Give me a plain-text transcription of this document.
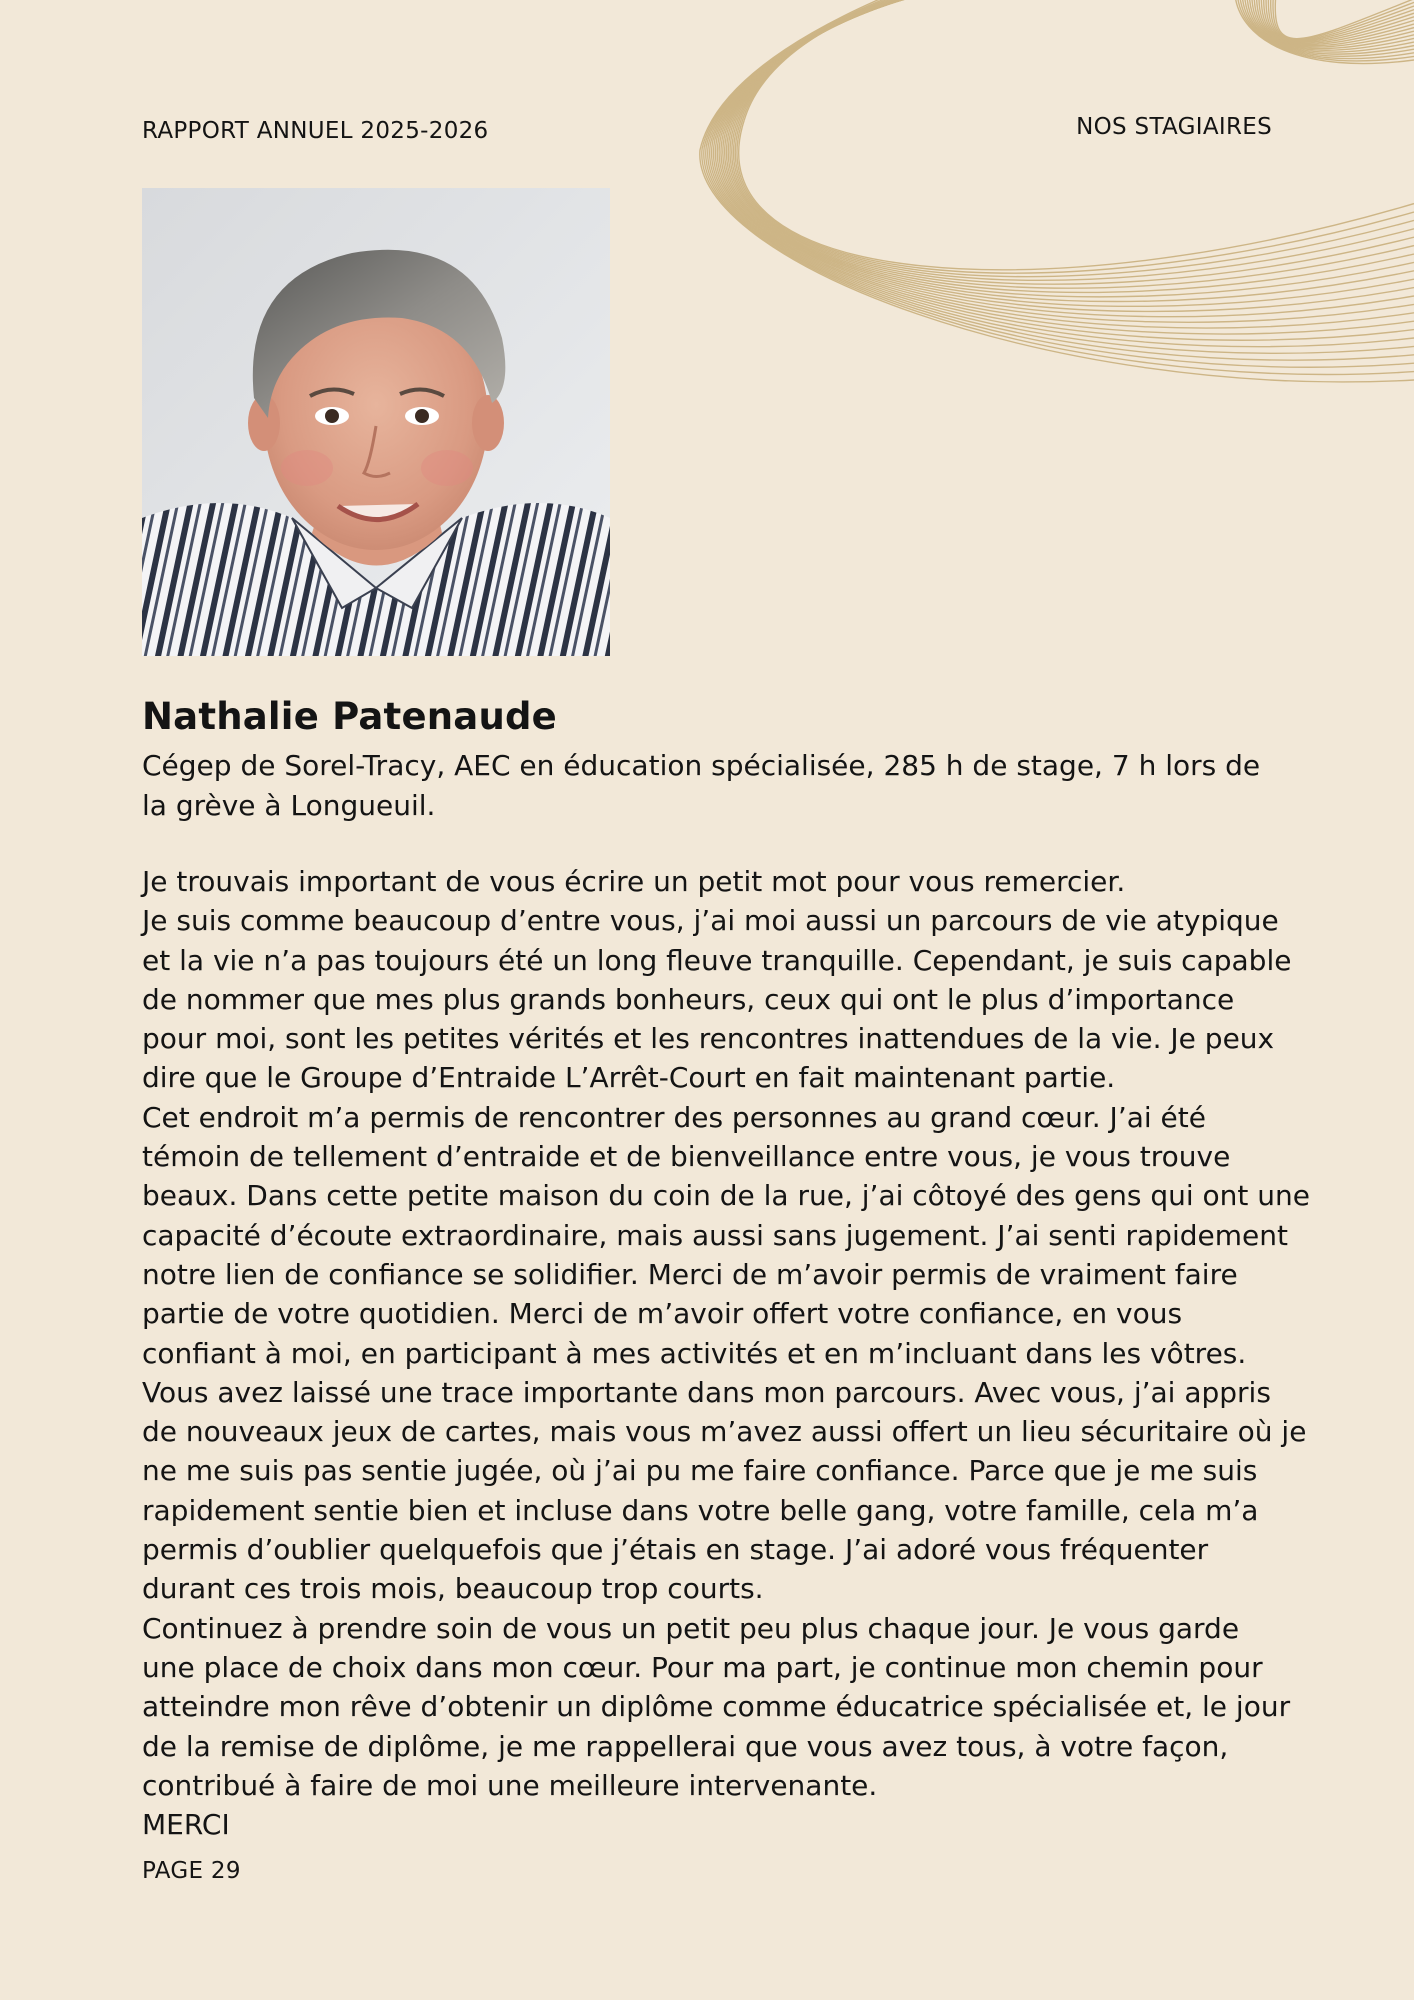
RAPPORT ANNUEL 2025-2026	NOS STAGIAIRES
Nathalie Patenaude
Cégep de Sorel-Tracy, AEC en éducation spécialisée, 285 h de stage, 7 h lors de la grève à Longueuil.
Je trouvais important de vous écrire un petit mot pour vous remercier.
Je suis comme beaucoup d’entre vous, j’ai moi aussi un parcours de vie atypique
et la vie n’a pas toujours été un long fleuve tranquille. Cependant, je suis capable
de nommer que mes plus grands bonheurs, ceux qui ont le plus d’importance
pour moi, sont les petites vérités et les rencontres inattendues de la vie. Je peux
dire que le Groupe d’Entraide L’Arrêt-Court en fait maintenant partie.
Cet endroit m’a permis de rencontrer des personnes au grand cœur. J’ai été
témoin de tellement d’entraide et de bienveillance entre vous, je vous trouve
beaux. Dans cette petite maison du coin de la rue, j’ai côtoyé des gens qui ont une
capacité d’écoute extraordinaire, mais aussi sans jugement. J’ai senti rapidement
notre lien de confiance se solidifier. Merci de m’avoir permis de vraiment faire
partie de votre quotidien. Merci de m’avoir offert votre confiance, en vous
confiant à moi, en participant à mes activités et en m’incluant dans les vôtres.
Vous avez laissé une trace importante dans mon parcours. Avec vous, j’ai appris
de nouveaux jeux de cartes, mais vous m’avez aussi offert un lieu sécuritaire où je
ne me suis pas sentie jugée, où j’ai pu me faire confiance. Parce que je me suis
rapidement sentie bien et incluse dans votre belle gang, votre famille, cela m’a
permis d’oublier quelquefois que j’étais en stage. J’ai adoré vous fréquenter
durant ces trois mois, beaucoup trop courts.
Continuez à prendre soin de vous un petit peu plus chaque jour. Je vous garde
une place de choix dans mon cœur. Pour ma part, je continue mon chemin pour
atteindre mon rêve d’obtenir un diplôme comme éducatrice spécialisée et, le jour
de la remise de diplôme, je me rappellerai que vous avez tous, à votre façon,
contribué à faire de moi une meilleure intervenante.
MERCI
PAGE 29
